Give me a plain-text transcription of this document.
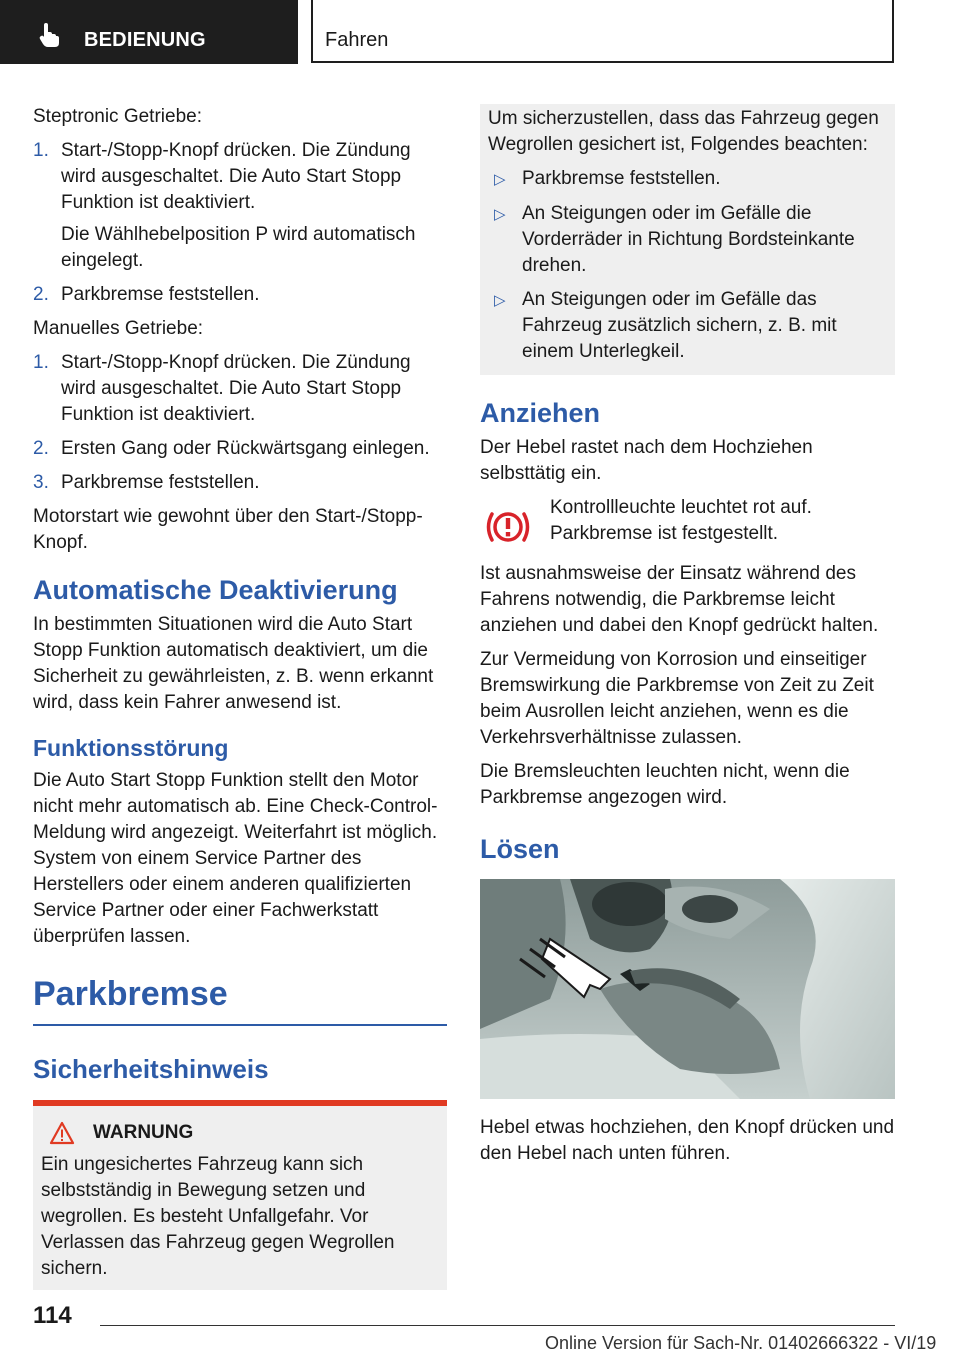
BEDIENUNG	Fahren

Steptronic Getriebe:

1. Start-/Stopp-Knopf drücken. Die Zündung wird ausgeschaltet. Die Auto Start Stopp Funktion ist deaktiviert.

Die Wählhebelposition P wird automatisch eingelegt.

2. Parkbremse feststellen.

Manuelles Getriebe:

1. Start-/Stopp-Knopf drücken. Die Zündung wird ausgeschaltet. Die Auto Start Stopp Funktion ist deaktiviert.
2. Ersten Gang oder Rückwärtsgang einlegen.
3. Parkbremse feststellen.

Motorstart wie gewohnt über den Start-/Stopp-Knopf.

Automatische Deaktivierung

In bestimmten Situationen wird die Auto Start Stopp Funktion automatisch deaktiviert, um die Sicherheit zu gewährleisten, z. B. wenn erkannt wird, dass kein Fahrer anwesend ist.

Funktionsstörung

Die Auto Start Stopp Funktion stellt den Motor nicht mehr automatisch ab. Eine Check-Control-Meldung wird angezeigt. Weiterfahrt ist möglich. System von einem Service Partner des Herstellers oder einem anderen qualifizierten Service Partner oder einer Fachwerkstatt überprüfen lassen.

Parkbremse
Sicherheitshinweis
WARNUNG

Ein ungesichertes Fahrzeug kann sich selbstständig in Bewegung setzen und wegrollen. Es besteht Unfallgefahr. Vor Verlassen das Fahrzeug gegen Wegrollen sichern.

Um sicherzustellen, dass das Fahrzeug gegen Wegrollen gesichert ist, Folgendes beachten:

▷ Parkbremse feststellen.
▷ An Steigungen oder im Gefälle die Vorderräder in Richtung Bordsteinkante drehen.
▷ An Steigungen oder im Gefälle das Fahrzeug zusätzlich sichern, z. B. mit einem Unterlegkeil.
Anziehen

Der Hebel rastet nach dem Hochziehen selbsttätig ein.

Kontrollleuchte leuchtet rot auf. Parkbremse ist festgestellt.

Ist ausnahmsweise der Einsatz während des Fahrens notwendig, die Parkbremse leicht anziehen und dabei den Knopf gedrückt halten.

Zur Vermeidung von Korrosion und einseitiger Bremswirkung die Parkbremse von Zeit zu Zeit beim Ausrollen leicht anziehen, wenn es die Verkehrsverhältnisse zulassen.

Die Bremsleuchten leuchten nicht, wenn die Parkbremse angezogen wird.

Lösen

Hebel etwas hochziehen, den Knopf drücken und den Hebel nach unten führen.

114
Online Version für Sach-Nr. 01402666322 - VI/19
